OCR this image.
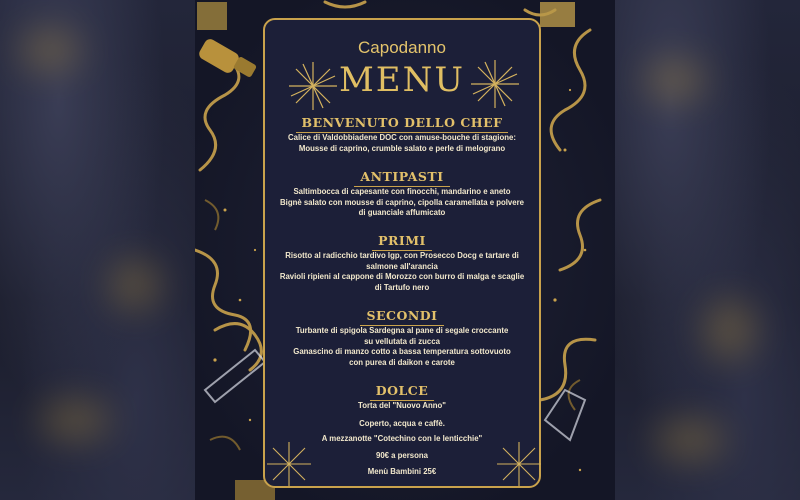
Capodanno
MENU
BENVENUTO DELLO CHEF
Calice di Valdobbiadene DOC con amuse-bouche di stagione:
Mousse di caprino, crumble salato e perle di melograno
ANTIPASTI
Saltimbocca di capesante con finocchi, mandarino e aneto
Bignè salato con mousse di caprino, cipolla caramellata e polvere
di guanciale affumicato
PRIMI
Risotto al radicchio tardivo Igp, con Prosecco Docg e tartare di
salmone all'arancia
Ravioli ripieni al cappone di Morozzo con burro di malga e scaglie
di Tartufo nero
SECONDI
Turbante di spigola Sardegna al pane di segale croccante
su vellutata di zucca
Ganascino di manzo cotto a bassa temperatura sottovuoto
con purea di daikon e carote
DOLCE
Torta del "Nuovo Anno"
Coperto, acqua e caffè.
A mezzanotte "Cotechino con le lenticchie"
90€ a persona
Menù Bambini 25€
